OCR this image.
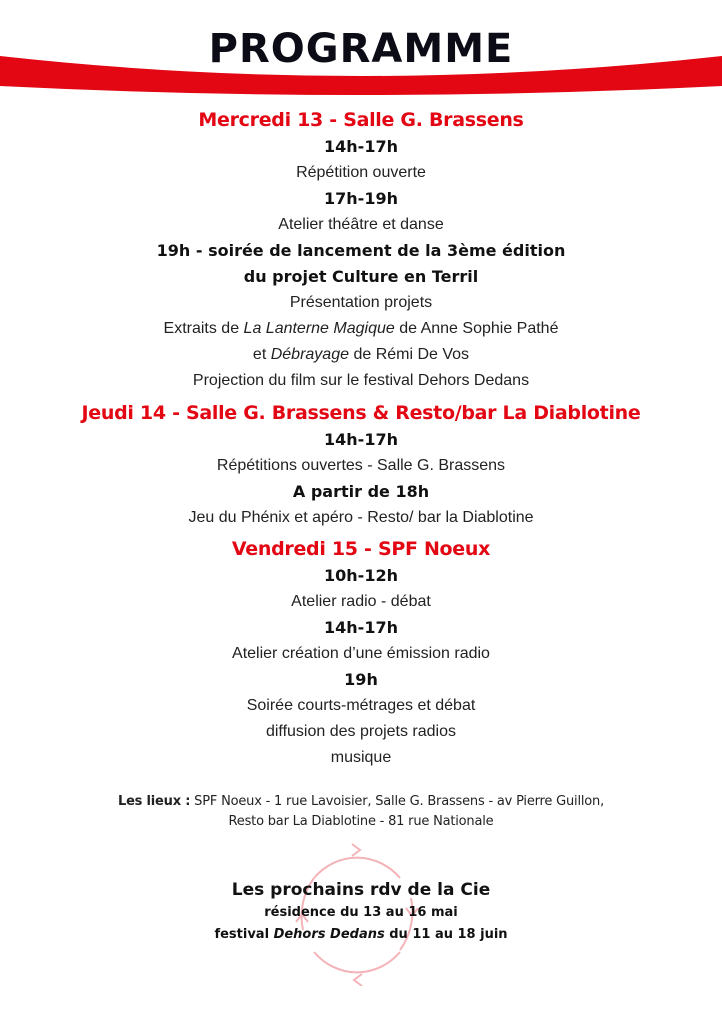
PROGRAMME
Mercredi 13 - Salle G. Brassens
14h-17h
Répétition ouverte
17h-19h
Atelier théâtre et danse
19h - soirée de lancement de la 3ème édition
du projet Culture en Terril
Présentation projets
Extraits de La Lanterne Magique de Anne Sophie Pathé
et Débrayage de Rémi De Vos
Projection du film sur le festival Dehors Dedans
Jeudi 14 - Salle G. Brassens & Resto/bar La Diablotine
14h-17h
Répétitions ouvertes - Salle G. Brassens
A partir de 18h
Jeu du Phénix et apéro - Resto/ bar la Diablotine
Vendredi 15 - SPF Noeux
10h-12h
Atelier radio - débat
14h-17h
Atelier création d’une émission radio
19h
Soirée courts-métrages et débat
diffusion des projets radios
musique
Les lieux : SPF Noeux - 1 rue Lavoisier, Salle G. Brassens - av Pierre Guillon,
Resto bar La Diablotine - 81 rue Nationale
Les prochains rdv de la Cie
résidence du 13 au 16 mai
festival Dehors Dedans du 11 au 18 juin
